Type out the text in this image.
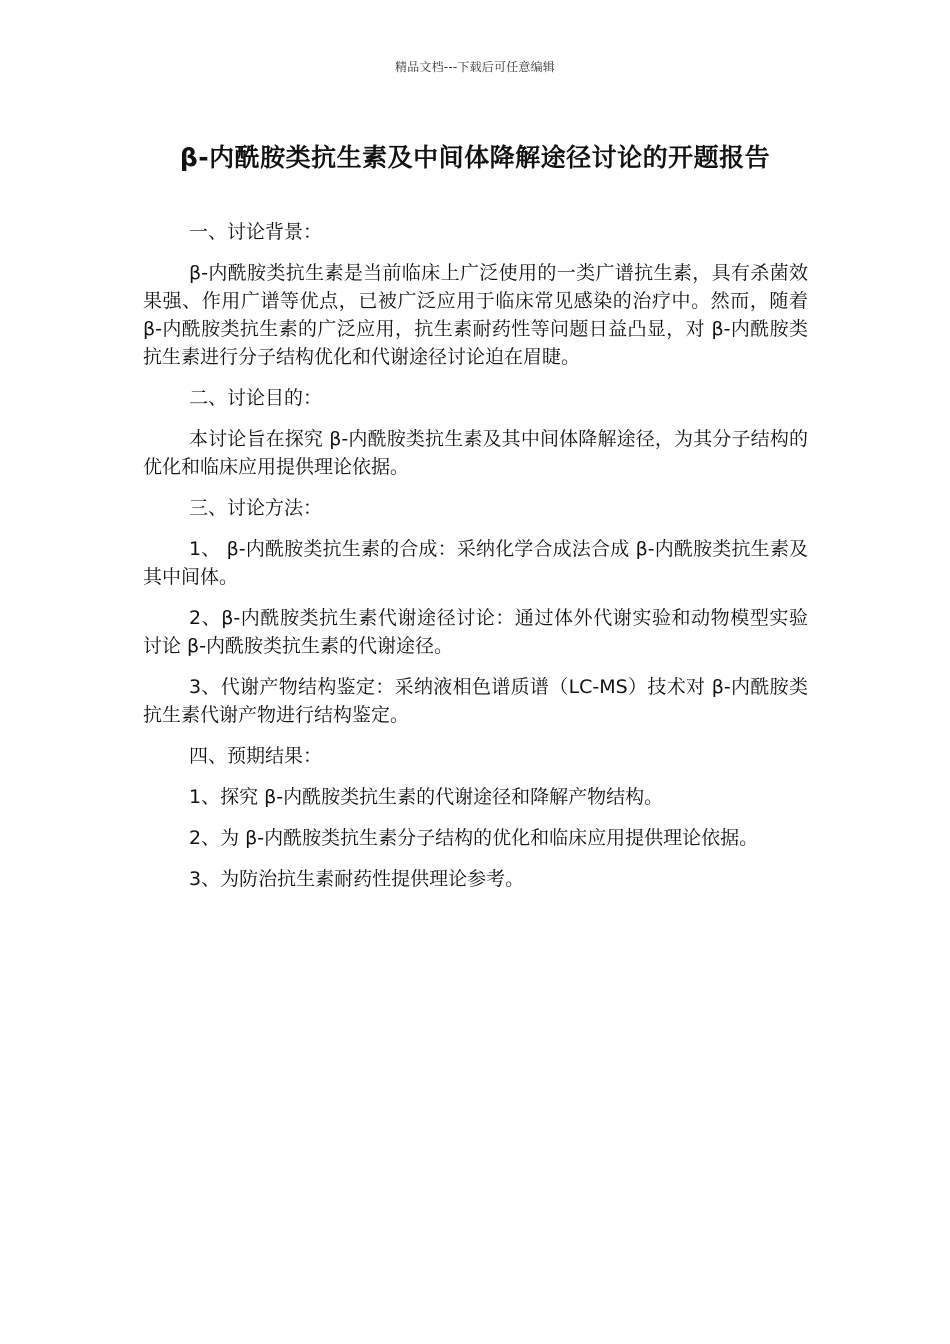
精品文档---下载后可任意编辑
β-内酰胺类抗生素及中间体降解途径讨论的开题报告

一、讨论背景：

β-内酰胺类抗生素是当前临床上广泛使用的一类广谱抗生素，具有杀菌效果强、作用广谱等优点，已被广泛应用于临床常见感染的治疗中。然而，随着 β-内酰胺类抗生素的广泛应用，抗生素耐药性等问题日益凸显，对 β-内酰胺类抗生素进行分子结构优化和代谢途径讨论迫在眉睫。

二、讨论目的：

本讨论旨在探究 β-内酰胺类抗生素及其中间体降解途径，为其分子结构的优化和临床应用提供理论依据。

三、讨论方法：

1、 β-内酰胺类抗生素的合成：采纳化学合成法合成 β-内酰胺类抗生素及其中间体。

2、β-内酰胺类抗生素代谢途径讨论：通过体外代谢实验和动物模型实验讨论 β-内酰胺类抗生素的代谢途径。

3、代谢产物结构鉴定：采纳液相色谱质谱（LC-MS）技术对 β-内酰胺类抗生素代谢产物进行结构鉴定。

四、预期结果：

1、探究 β-内酰胺类抗生素的代谢途径和降解产物结构。

2、为 β-内酰胺类抗生素分子结构的优化和临床应用提供理论依据。

3、为防治抗生素耐药性提供理论参考。
